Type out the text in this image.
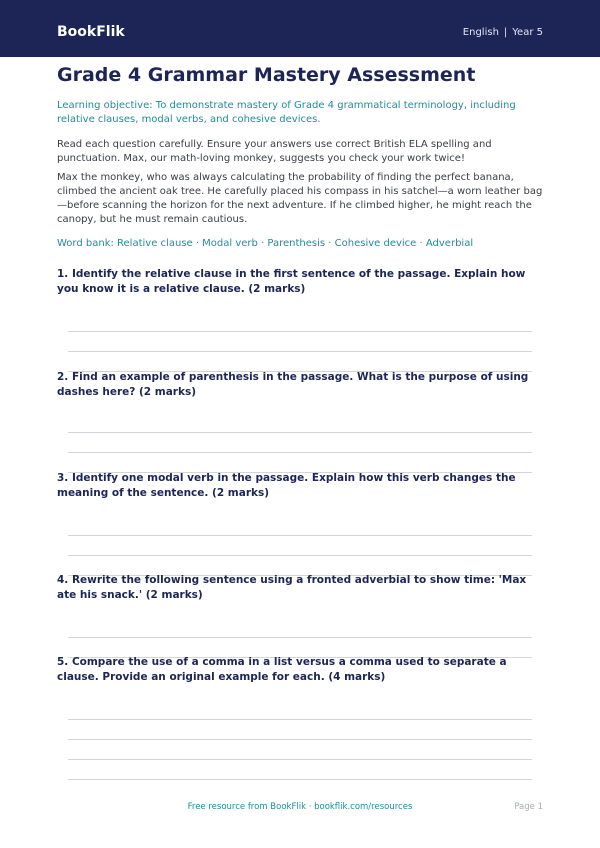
BookFlik	English | Year 5
Grade 4 Grammar Mastery Assessment

Learning objective: To demonstrate mastery of Grade 4 grammatical terminology, including relative clauses, modal verbs, and cohesive devices.

Read each question carefully. Ensure your answers use correct British ELA spelling and punctuation. Max, our math-loving monkey, suggests you check your work twice!

Max the monkey, who was always calculating the probability of finding the perfect banana, climbed the ancient oak tree. He carefully placed his compass in his satchel—a worn leather bag—before scanning the horizon for the next adventure. If he climbed higher, he might reach the canopy, but he must remain cautious.

Word bank: Relative clause · Modal verb · Parenthesis · Cohesive device · Adverbial

1. Identify the relative clause in the first sentence of the passage. Explain how you know it is a relative clause. (2 marks)

2. Find an example of parenthesis in the passage. What is the purpose of using dashes here? (2 marks)

3. Identify one modal verb in the passage. Explain how this verb changes the meaning of the sentence. (2 marks)

4. Rewrite the following sentence using a fronted adverbial to show time: 'Max ate his snack.' (2 marks)

5. Compare the use of a comma in a list versus a comma used to separate a clause. Provide an original example for each. (4 marks)

Free resource from BookFlik · bookflik.com/resources	Page 1
